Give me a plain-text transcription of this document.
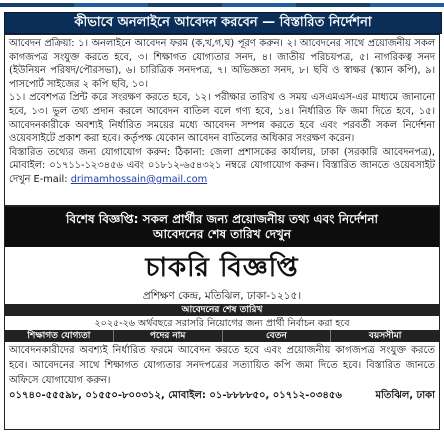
কীভাবে অনলাইনে আবেদন করবেন — বিস্তারিত নির্দেশনা

আবেদন প্রক্রিয়া: ১। অনলাইনে আবেদন ফরম (ক,খ,গ,ঘ) পূরণ করুন। ২। আবেদনের সাথে প্রয়োজনীয় সকল কাগজপত্র সংযুক্ত করতে হবে, ৩। শিক্ষাগত যোগ্যতার সনদ, ৪। জাতীয় পরিচয়পত্র, ৫। নাগরিকত্ব সনদ (ইউনিয়ন পরিষদ/পৌরসভা), ৬। চারিত্রিক সনদপত্র, ৭। অভিজ্ঞতা সনদ, ৮। ছবি ও স্বাক্ষর (স্ক্যান কপি), ৯। পাসপোর্ট সাইজের ২ কপি ছবি, ১০।

১১। প্রবেশপত্র প্রিন্ট করে সংরক্ষণ করতে হবে, ১২। পরীক্ষার তারিখ ও সময় এসএমএস-এর মাধ্যমে জানানো হবে, ১৩। ভুল তথ্য প্রদান করলে আবেদন বাতিল বলে গণ্য হবে, ১৪। নির্ধারিত ফি জমা দিতে হবে, ১৫। আবেদনকারীকে অবশ্যই নির্ধারিত সময়ের মধ্যে আবেদন সম্পন্ন করতে হবে এবং পরবর্তী সকল নির্দেশনা ওয়েবসাইটে প্রকাশ করা হবে। কর্তৃপক্ষ যেকোন আবেদন বাতিলের অধিকার সংরক্ষণ করেন।

বিস্তারিত তথ্যের জন্য যোগাযোগ করুন: ঠিকানা: জেলা প্রশাসকের কার্যালয়, ঢাকা (সরকারি আবেদনপত্র), মোবাইল: ০১৭১১-১২৩৪৫৬ এবং ০১৮১২-৬৫৪৩২১ নম্বরে যোগাযোগ করুন। বিস্তারিত জানতে ওয়েবসাইট দেখুন E-mail: drimamhossain@gmail.com

বিশেষ বিজ্ঞপ্তি: সকল প্রার্থীর জন্য প্রয়োজনীয় তথ্য এবং নির্দেশনা
আবেদনের শেষ তারিখ দেখুন
চাকরি বিজ্ঞপ্তি
প্রশিক্ষণ কেন্দ্র, মতিঝিল, ঢাকা-১২১৫।
আবেদনের শেষ তারিখ
২০২৫-২৬ অর্থবছরে সরাসরি নিয়োগের জন্য প্রার্থী নির্বাচন করা হবে
শিক্ষাগত যোগ্যতা	পদের নাম	বেতন	বয়সসীমা

আবেদনকারীদের অবশ্যই নির্ধারিত ফরমে আবেদন করতে হবে এবং প্রয়োজনীয় কাগজপত্র সংযুক্ত করতে হবে। আবেদনের সাথে শিক্ষাগত যোগ্যতার সনদপত্রের সত্যায়িত কপি জমা দিতে হবে। বিস্তারিত জানতে অফিসে যোগাযোগ করুন।

০১৭৪০-৫৫৫৯৮, ০১৫৫০-৮০০৩১২, মোবাইল: ০১-৮৮৮৮৫০, ০১৭১২-০৩৪৫৬	মতিঝিল, ঢাকা
